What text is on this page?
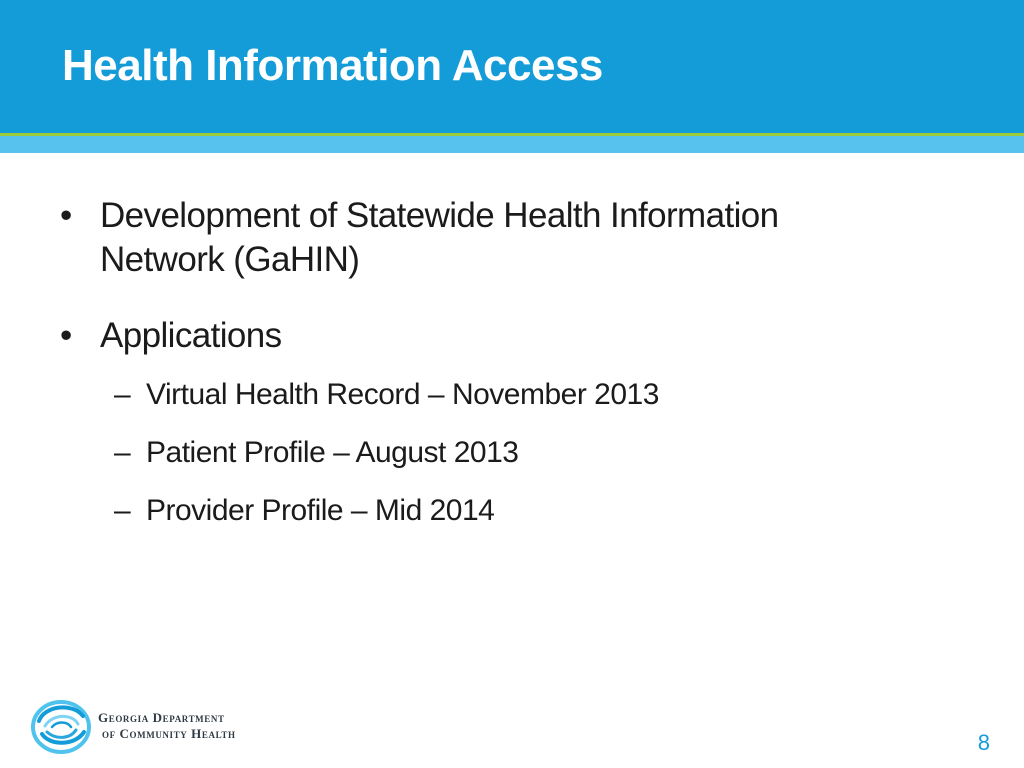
Health Information Access
• Development of Statewide Health Information Network (GaHIN)
• Applications
– Virtual Health Record – November 2013
– Patient Profile – August 2013
– Provider Profile – Mid 2014
Georgia Department
of Community Health	8
